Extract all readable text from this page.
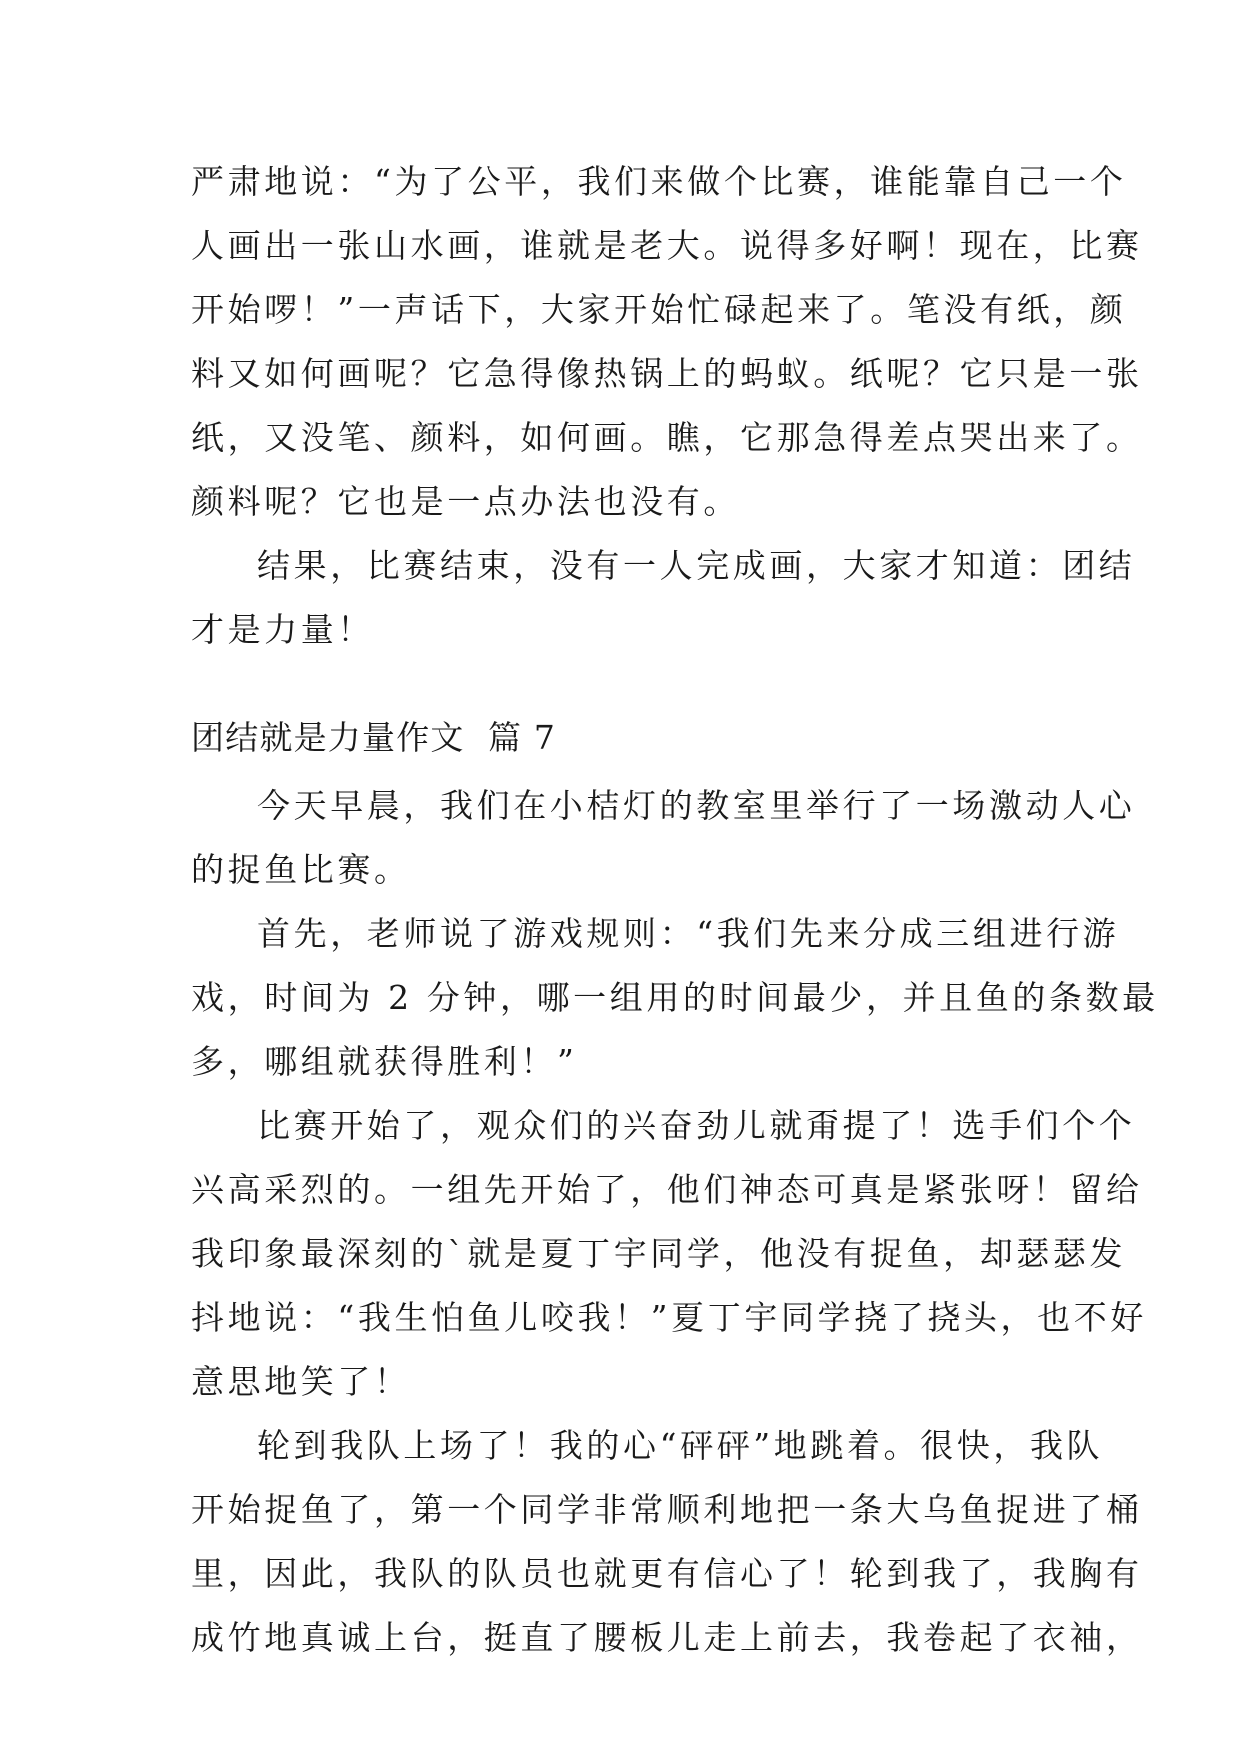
严肃地说：“为了公平，我们来做个比赛，谁能靠自己一个
人画出一张山水画，谁就是老大。说得多好啊！现在，比赛
开始啰！”一声话下，大家开始忙碌起来了。笔没有纸，颜
料又如何画呢？它急得像热锅上的蚂蚁。纸呢？它只是一张
纸，又没笔、颜料，如何画。瞧，它那急得差点哭出来了。
颜料呢？它也是一点办法也没有。
结果，比赛结束，没有一人完成画，大家才知道：团结
才是力量！
团结就是力量作文  篇 7
今天早晨，我们在小桔灯的教室里举行了一场激动人心
的捉鱼比赛。
首先，老师说了游戏规则：“我们先来分成三组进行游
戏，时间为 2 分钟，哪一组用的时间最少，并且鱼的条数最
多，哪组就获得胜利！”
比赛开始了，观众们的兴奋劲儿就甭提了！选手们个个
兴高采烈的。一组先开始了，他们神态可真是紧张呀！留给
我印象最深刻的`就是夏丁宇同学，他没有捉鱼，却瑟瑟发
抖地说：“我生怕鱼儿咬我！”夏丁宇同学挠了挠头，也不好
意思地笑了！
轮到我队上场了！我的心“砰砰”地跳着。很快，我队
开始捉鱼了，第一个同学非常顺利地把一条大乌鱼捉进了桶
里，因此，我队的队员也就更有信心了！轮到我了，我胸有
成竹地真诚上台，挺直了腰板儿走上前去，我卷起了衣袖，
